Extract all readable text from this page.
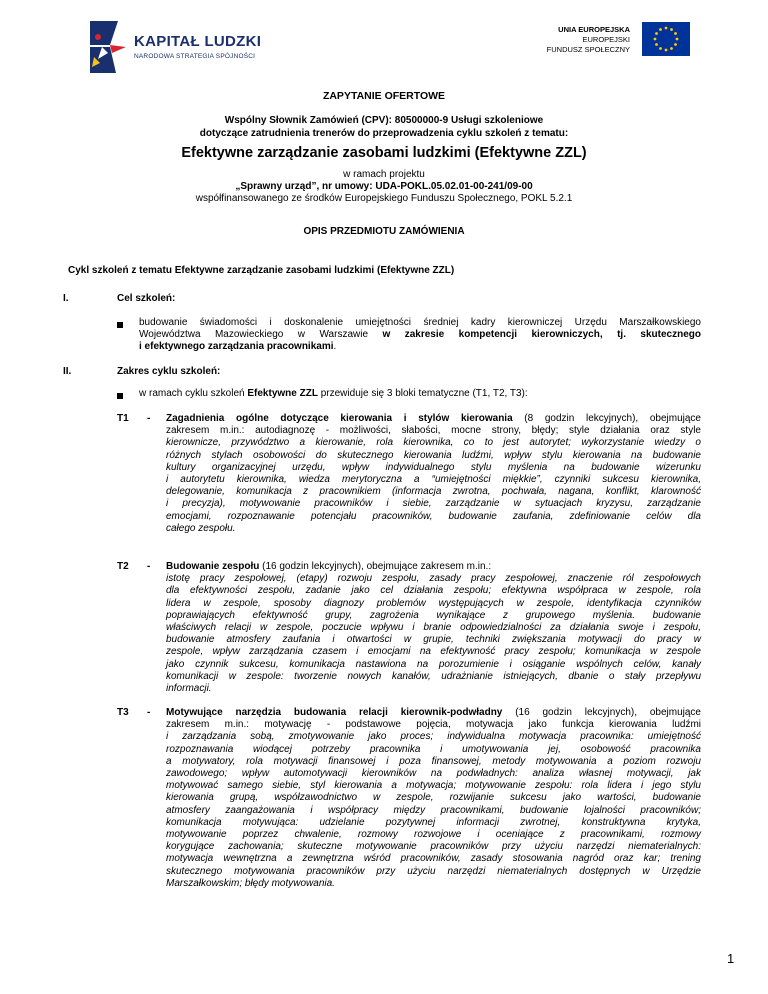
KAPITAŁ LUDZKI
NARODOWA STRATEGIA SPÓJNOŚCI
UNIA EUROPEJSKA
EUROPEJSKI
FUNDUSZ SPOŁECZNY
ZAPYTANIE OFERTOWE
Wspólny Słownik Zamówień (CPV): 80500000-9 Usługi szkoleniowe
dotyczące zatrudnienia trenerów do przeprowadzenia cyklu szkoleń z tematu:
Efektywne zarządzanie zasobami ludzkimi (Efektywne ZZL)
w ramach projektu
„Sprawny urząd”, nr umowy: UDA-POKL.05.02.01-00-241/09-00
współfinansowanego ze środków Europejskiego Funduszu Społecznego, POKL 5.2.1
OPIS PRZEDMIOTU ZAMÓWIENIA
Cykl szkoleń z tematu Efektywne zarządzanie zasobami ludzkimi (Efektywne ZZL)
I.	Cel szkoleń:
budowanie świadomości i doskonalenie umiejętności średniej kadry kierowniczej Urzędu Marszałkowskiego
Województwa Mazowieckiego w Warszawie w zakresie kompetencji kierowniczych, tj. skutecznego
i efektywnego zarządzania pracownikami.
II.	Zakres cyklu szkoleń:
w ramach cyklu szkoleń Efektywne ZZL przewiduje się 3 bloki tematyczne (T1, T2, T3):
T1 - Zagadnienia ogólne dotyczące kierowania i stylów kierowania (8 godzin lekcyjnych), obejmujące
zakresem m.in.: autodiagnozę - możliwości, słabości, mocne strony, błędy; style działania oraz style
kierownicze, przywództwo a kierowanie, rola kierownika, co to jest autorytet; wykorzystanie wiedzy o
różnych stylach osobowości do skutecznego kierowania ludźmi, wpływ stylu kierowania na budowanie
kultury organizacyjnej urzędu, wpływ indywidualnego stylu myślenia na budowanie wizerunku
i autorytetu kierownika, wiedza merytoryczna a “umiejętności miękkie”, czynniki sukcesu kierownika,
delegowanie, komunikacja z pracownikiem (informacja zwrotna, pochwała, nagana, konflikt, klarowność
i precyzja), motywowanie pracowników i siebie, zarządzanie w sytuacjach kryzysu, zarządzanie
emocjami, rozpoznawanie potencjału pracowników, budowanie zaufania, zdefiniowanie celów dla
całego zespołu.
T2 - Budowanie zespołu (16 godzin lekcyjnych), obejmujące zakresem m.in.:
istotę pracy zespołowej, (etapy) rozwoju zespołu, zasady pracy zespołowej, znaczenie ról zespołowych
dla efektywności zespołu, zadanie jako cel działania zespołu; efektywna współpraca w zespole, rola
lidera w zespole, sposoby diagnozy problemów występujących w zespole, identyfikacja czynników
poprawiających efektywność grupy, zagrożenia wynikające z grupowego myślenia. budowanie
właściwych relacji w zespole, poczucie wpływu i branie odpowiedzialności za działania swoje i zespołu,
budowanie atmosfery zaufania i otwartości w grupie, techniki zwiększania motywacji do pracy w
zespole, wpływ zarządzania czasem i emocjami na efektywność pracy zespołu; komunikacja w zespole
jako czynnik sukcesu, komunikacja nastawiona na porozumienie i osiąganie wspólnych celów, kanały
komunikacji w zespole: tworzenie nowych kanałów, udrażnianie istniejących, dbanie o stały przepływu
informacji.
T3 - Motywujące narzędzia budowania relacji kierownik-podwładny (16 godzin lekcyjnych), obejmujące
zakresem m.in.: motywację - podstawowe pojęcia, motywacja jako funkcja kierowania ludźmi
i zarządzania sobą, zmotywowanie jako proces; indywidualna motywacja pracownika: umiejętność
rozpoznawania wiodącej potrzeby pracownika i umotywowania jej, osobowość pracownika
a motywatory, rola motywacji finansowej i poza finansowej, metody motywowania a poziom rozwoju
zawodowego; wpływ automotywacji kierowników na podwładnych: analiza własnej motywacji, jak
motywować samego siebie, styl kierowania a motywacja; motywowanie zespołu: rola lidera i jego stylu
kierowania grupą, współzawodnictwo w zespole, rozwijanie sukcesu jako wartości, budowanie
atmosfery zaangażowania i współpracy między pracownikami, budowanie lojalności pracowników;
komunikacja motywująca: udzielanie pozytywnej informacji zwrotnej, konstruktywna krytyka,
motywowanie poprzez chwalenie, rozmowy rozwojowe i oceniające z pracownikami, rozmowy
korygujące zachowania; skuteczne motywowanie pracowników przy użyciu narzędzi niematerialnych:
motywacja wewnętrzna a zewnętrzna wśród pracowników, zasady stosowania nagród oraz kar; trening
skutecznego motywowania pracowników przy użyciu narzędzi niematerialnych dostępnych w Urzędzie
Marszałkowskim; błędy motywowania.
1
